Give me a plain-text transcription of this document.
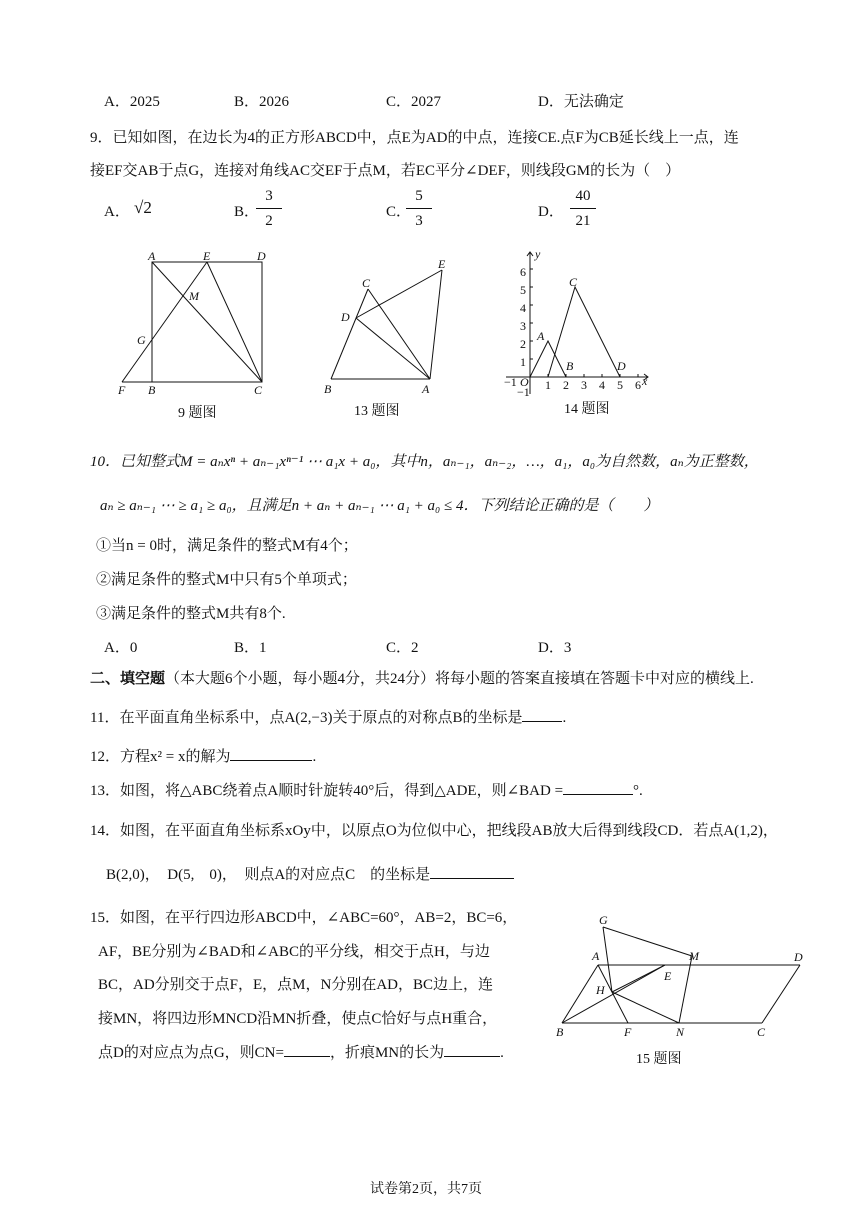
A．2025	B．2026	C．2027	D．无法确定
9．已知如图，在边长为4的正方形ABCD中，点E为AD的中点，连接CE.点F为CB延长线上一点，连
接EF交AB于点G，连接对角线AC交EF于点M，若EC平分∠DEF，则线段GM的长为（　）
A． √2	B．
3
2
C．
5
3
D．
40
21
A	E	D
M
G
F B	C
9 题图
C
E
D
B	A
13 题图
y
x
6
5
4
3
2
1
−1
−1 O 1 2 3 4 5 6
A
B
C
D
14 题图
10．已知整式M = aₙxⁿ + aₙ₋₁xⁿ⁻¹ ⋯ a₁x + a₀，其中n，aₙ₋₁，aₙ₋₂，…，a₁，a₀为自然数，aₙ为正整数，
aₙ ≥ aₙ₋₁ ⋯ ≥ a₁ ≥ a₀，且满足n + aₙ + aₙ₋₁ ⋯ a₁ + a₀ ≤ 4．下列结论正确的是（　　）
①当n = 0时，满足条件的整式M有4个；
②满足条件的整式M中只有5个单项式；
③满足条件的整式M共有8个.
A．0	B．1	C．2	D．3
二、填空题（本大题6个小题，每小题4分，共24分）将每小题的答案直接填在答题卡中对应的横线上.
11．在平面直角坐标系中，点A(2,−3)关于原点的对称点B的坐标是	.
12．方程x² = x的解为	.
13．如图，将△ABC绕着点A顺时针旋转40°后，得到△ADE，则∠BAD =	°.
14．如图，在平面直角坐标系xOy中，以原点O为位似中心，把线段AB放大后得到线段CD．若点A(1,2)，
B(2,0)，　D(5,　0)，　则点A的对应点C　的坐标是
15．如图，在平行四边形ABCD中，∠ABC=60°，AB=2，BC=6，
AF，BE分别为∠BAD和∠ABC的平分线，相交于点H，与边
BC，AD分别交于点F，E，点M，N分别在AD，BC边上，连
接MN，将四边形MNCD沿MN折叠，使点C恰好与点H重合，
点D的对应点为点G，则CN=	，折痕MN的长为	.
G
A	M	D
E
H
B	F	N	C
15 题图
试卷第2页，共7页
